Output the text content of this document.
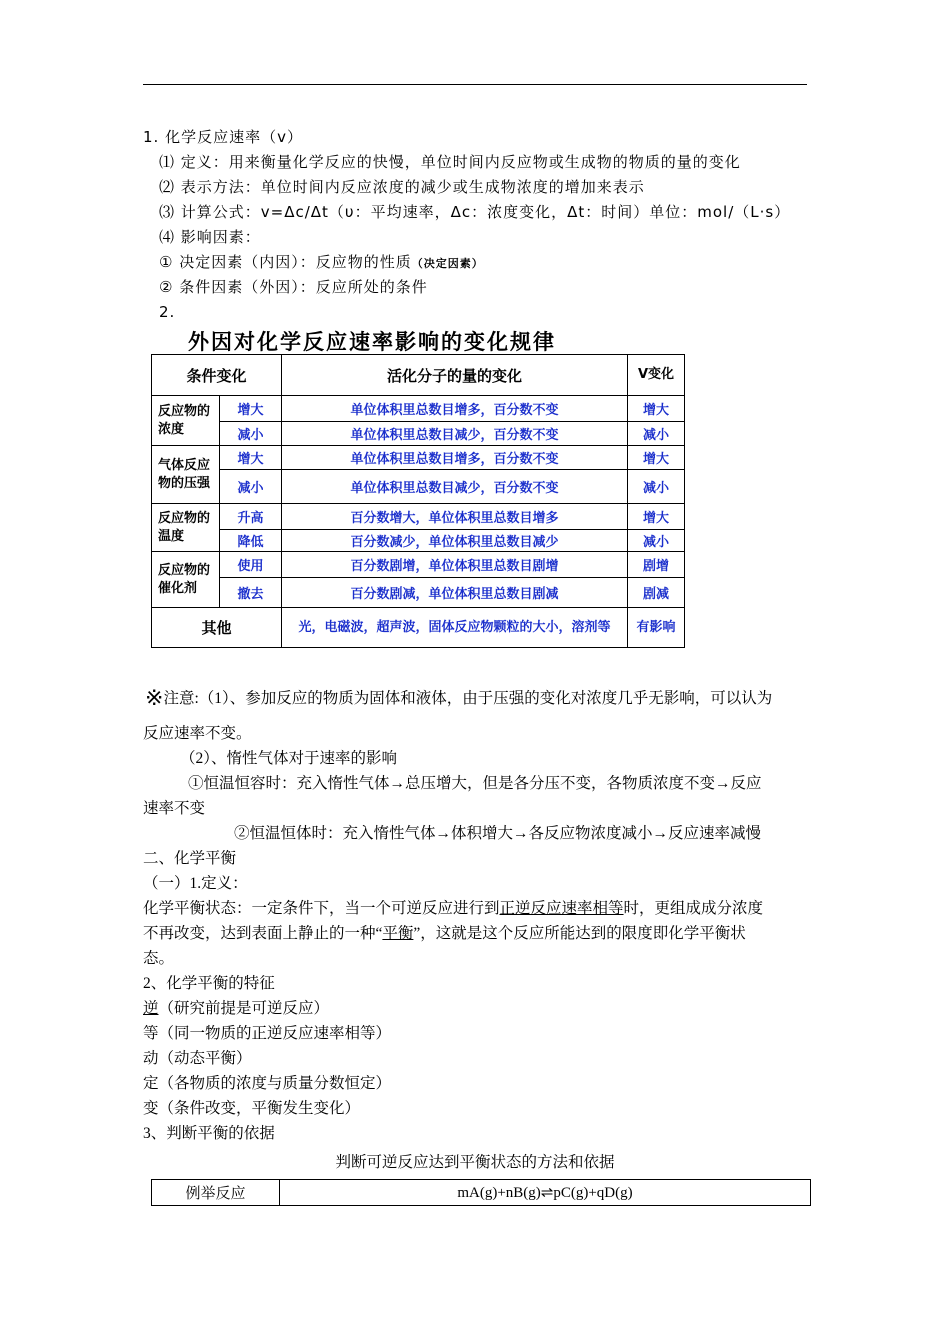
1. 化学反应速率（v）
⑴ 定义：用来衡量化学反应的快慢，单位时间内反应物或生成物的物质的量的变化
⑵ 表示方法：单位时间内反应浓度的减少或生成物浓度的增加来表示
⑶ 计算公式：v=Δc/Δt（υ：平均速率，Δc：浓度变化，Δt：时间）单位：mol/（L·s）
⑷ 影响因素：
① 决定因素（内因）：反应物的性质（决定因素）
② 条件因素（外因）：反应所处的条件
2.
外因对化学反应速率影响的变化规律
条件变化		活化分子的量的变化	V变化
反应物的浓度	增大	单位体积里总数目增多，百分数不变	增大
	减小	单位体积里总数目减少，百分数不变	减小
气体反应物的压强	增大	单位体积里总数目增多，百分数不变	增大
	减小	单位体积里总数目减少，百分数不变	减小
反应物的温度	升高	百分数增大，单位体积里总数目增多	增大
	降低	百分数减少，单位体积里总数目减少	减小
反应物的催化剂	使用	百分数剧增，单位体积里总数目剧增	剧增
	撤去	百分数剧减，单位体积里总数目剧减	剧减
其他		光，电磁波，超声波，固体反应物颗粒的大小，溶剂等	有影响
※注意:（1）、参加反应的物质为固体和液体，由于压强的变化对浓度几乎无影响，可以认为
反应速率不变。
（2）、惰性气体对于速率的影响
①恒温恒容时：充入惰性气体→总压增大，但是各分压不变，各物质浓度不变→反应
速率不变
②恒温恒体时：充入惰性气体→体积增大→各反应物浓度减小→反应速率减慢
二、化学平衡
（一）1.定义：
化学平衡状态：一定条件下，当一个可逆反应进行到正逆反应速率相等时，更组成成分浓度
不再改变，达到表面上静止的一种“平衡”，这就是这个反应所能达到的限度即化学平衡状
态。
2、化学平衡的特征
逆（研究前提是可逆反应）
等（同一物质的正逆反应速率相等）
动（动态平衡）
定（各物质的浓度与质量分数恒定）
变（条件改变，平衡发生变化）
3、判断平衡的依据
判断可逆反应达到平衡状态的方法和依据
例举反应	mA(g)+nB(g)⇌pC(g)+qD(g)
